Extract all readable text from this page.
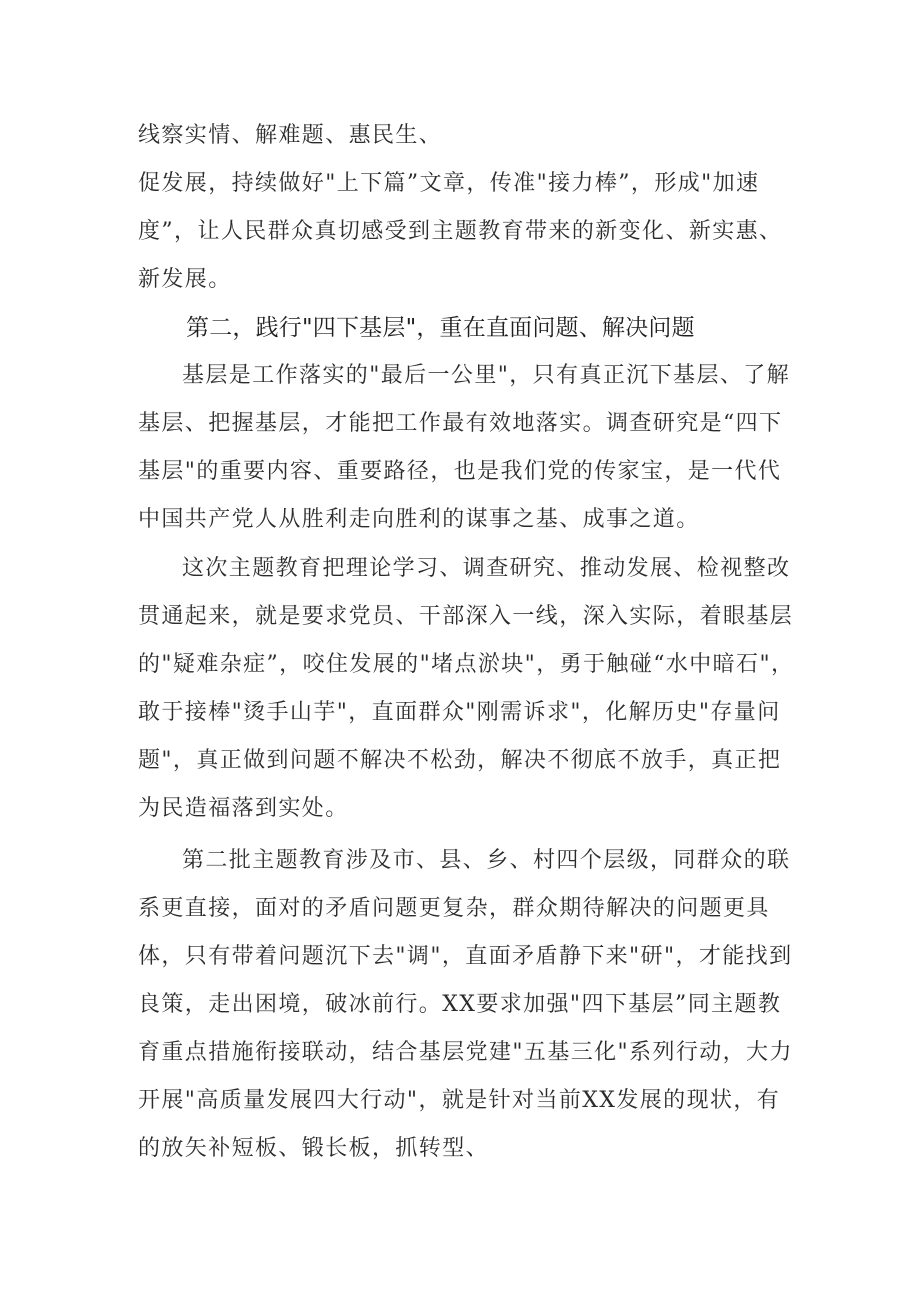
线察实情、解难题、惠民生、

促发展，持续做好"上下篇”文章，传准"接力棒”，形成"加速度”，让人民群众真切感受到主题教育带来的新变化、新实惠、新发展。

第二，践行"四下基层"，重在直面问题、解决问题

基层是工作落实的"最后一公里"，只有真正沉下基层、了解基层、把握基层，才能把工作最有效地落实。调查研究是“四下基层"的重要内容、重要路径，也是我们党的传家宝，是一代代中国共产党人从胜利走向胜利的谋事之基、成事之道。

这次主题教育把理论学习、调查研究、推动发展、检视整改贯通起来，就是要求党员、干部深入一线，深入实际，着眼基层的"疑难杂症”，咬住发展的"堵点淤块"，勇于触碰“水中暗石"，敢于接棒"烫手山芋"，直面群众"刚需诉求"，化解历史"存量问题"，真正做到问题不解决不松劲，解决不彻底不放手，真正把为民造福落到实处。

第二批主题教育涉及市、县、乡、村四个层级，同群众的联系更直接，面对的矛盾问题更复杂，群众期待解决的问题更具体，只有带着问题沉下去"调"，直面矛盾静下来"研"，才能找到良策，走出困境，破冰前行。XX要求加强"四下基层”同主题教育重点措施衔接联动，结合基层党建"五基三化"系列行动，大力开展"高质量发展四大行动"，就是针对当前XX发展的现状，有的放矢补短板、锻长板，抓转型、
